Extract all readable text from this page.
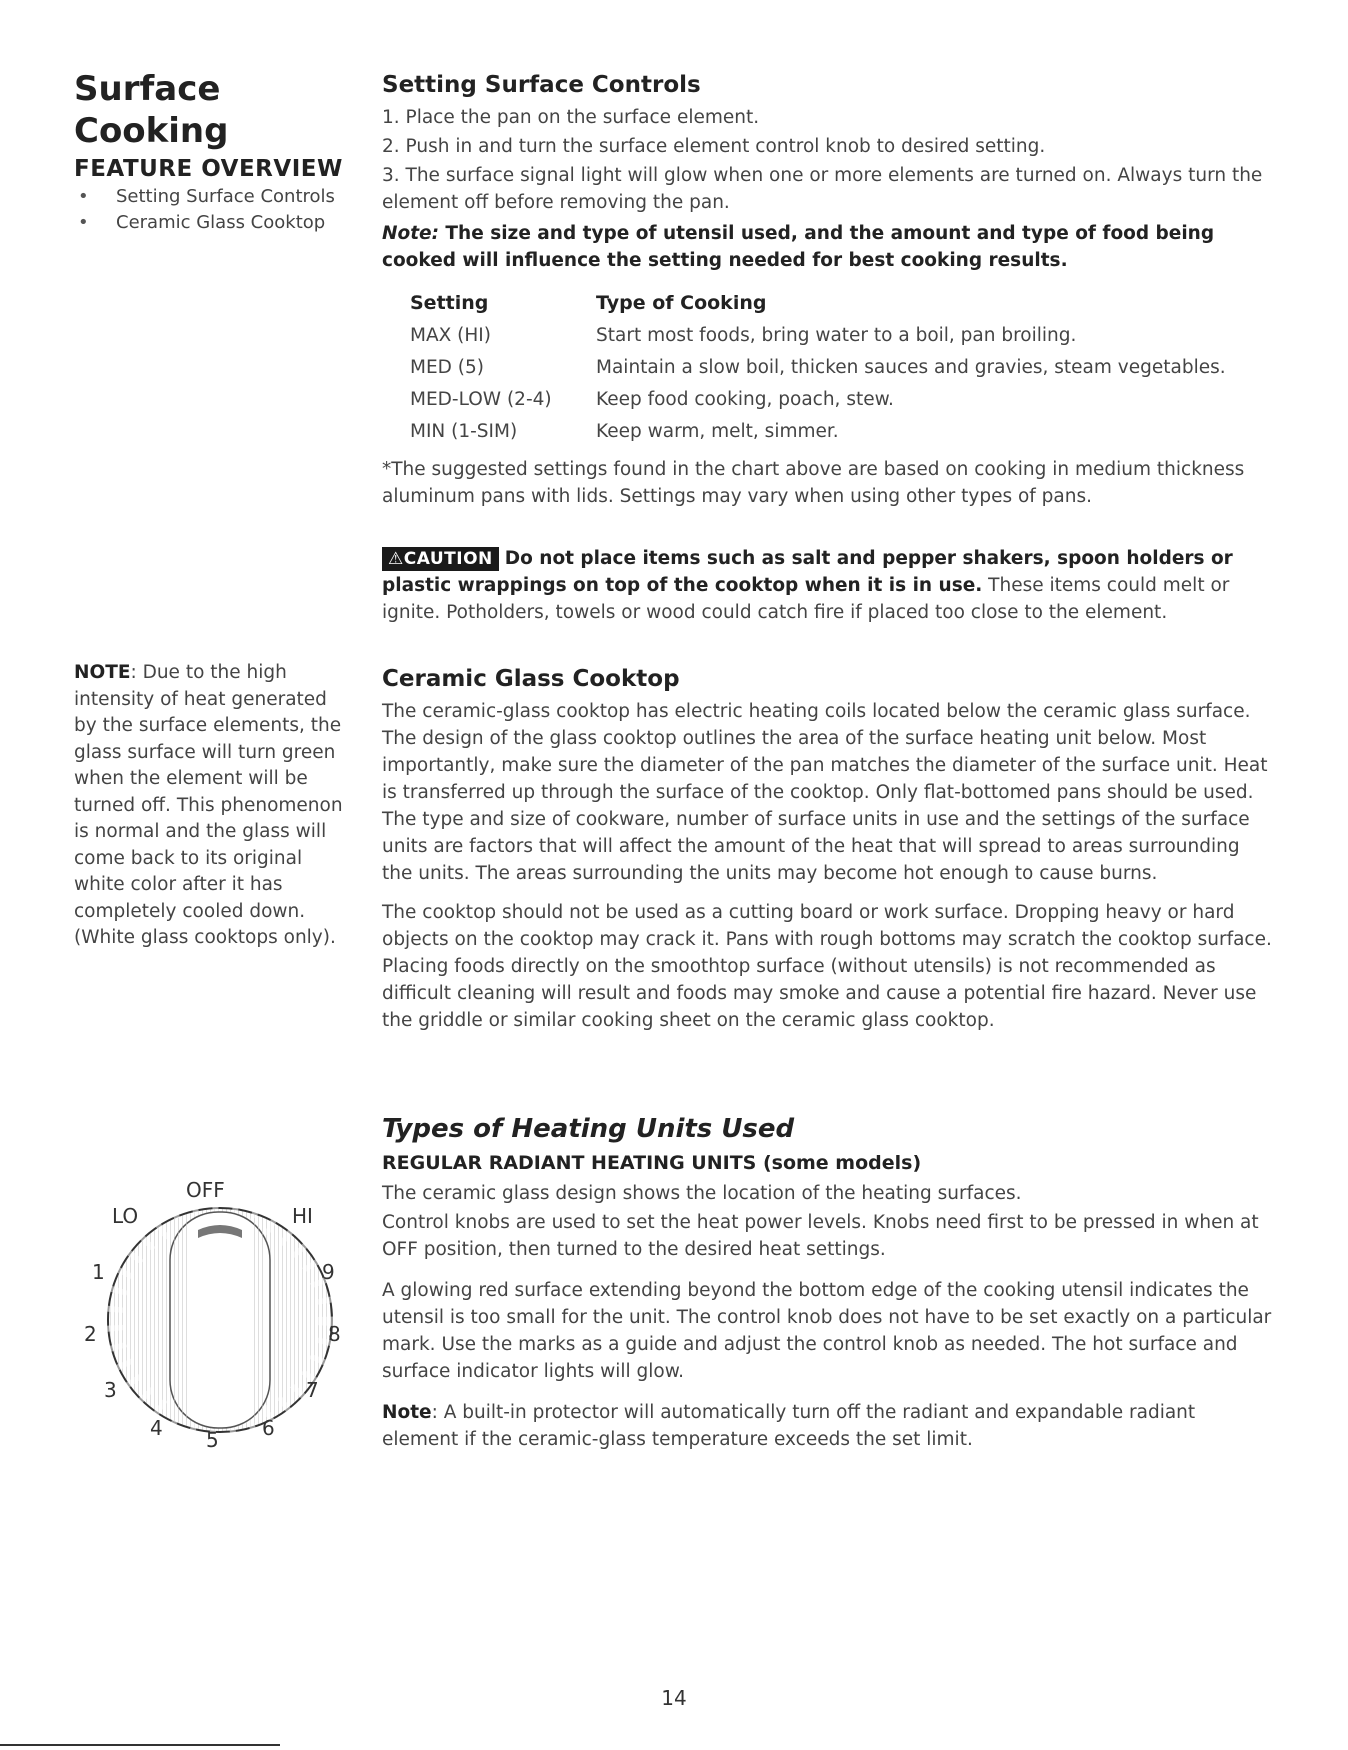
Surface
Cooking
FEATURE OVERVIEW
• Setting Surface Controls
• Ceramic Glass Cooktop
NOTE: Due to the high intensity of heat generated by the surface elements, the glass surface will turn green when the element will be turned off. This phenomenon is normal and the glass will come back to its original white color after it has completely cooled down. (White glass cooktops only).
Setting Surface Controls
1. Place the pan on the surface element.
2. Push in and turn the surface element control knob to desired setting.
3. The surface signal light will glow when one or more elements are turned on. Always turn the element off before removing the pan.
Note: The size and type of utensil used, and the amount and type of food being cooked will influence the setting needed for best cooking results.
Setting	Type of Cooking
MAX (HI)	Start most foods, bring water to a boil, pan broiling.
MED (5)	Maintain a slow boil, thicken sauces and gravies, steam vegetables.
MED-LOW (2-4)	Keep food cooking, poach, stew.
MIN (1-SIM)	Keep warm, melt, simmer.
*The suggested settings found in the chart above are based on cooking in medium thickness aluminum pans with lids. Settings may vary when using other types of pans.
⚠CAUTION Do not place items such as salt and pepper shakers, spoon holders or plastic wrappings on top of the cooktop when it is in use. These items could melt or ignite. Potholders, towels or wood could catch fire if placed too close to the element.
Ceramic Glass Cooktop

The ceramic-glass cooktop has electric heating coils located below the ceramic glass surface. The design of the glass cooktop outlines the area of the surface heating unit below. Most importantly, make sure the diameter of the pan matches the diameter of the surface unit. Heat is transferred up through the surface of the cooktop. Only flat-bottomed pans should be used. The type and size of cookware, number of surface units in use and the settings of the surface units are factors that will affect the amount of the heat that will spread to areas surrounding the units. The areas surrounding the units may become hot enough to cause burns.

The cooktop should not be used as a cutting board or work surface. Dropping heavy or hard objects on the cooktop may crack it. Pans with rough bottoms may scratch the cooktop surface. Placing foods directly on the smoothtop surface (without utensils) is not recommended as difficult cleaning will result and foods may smoke and cause a potential fire hazard. Never use the griddle or similar cooking sheet on the ceramic glass cooktop.

Types of Heating Units Used
REGULAR RADIANT HEATING UNITS (some models)

The ceramic glass design shows the location of the heating surfaces.

Control knobs are used to set the heat power levels. Knobs need first to be pressed in when at OFF position, then turned to the desired heat settings.

A glowing red surface extending beyond the bottom edge of the cooking utensil indicates the utensil is too small for the unit. The control knob does not have to be set exactly on a particular mark. Use the marks as a guide and adjust the control knob as needed. The hot surface and surface indicator lights will glow.

Note: A built-in protector will automatically turn off the radiant and expandable radiant element if the ceramic-glass temperature exceeds the set limit.

OFF
LO	HI
1
2
3
4 5 6
7
8
9
14
